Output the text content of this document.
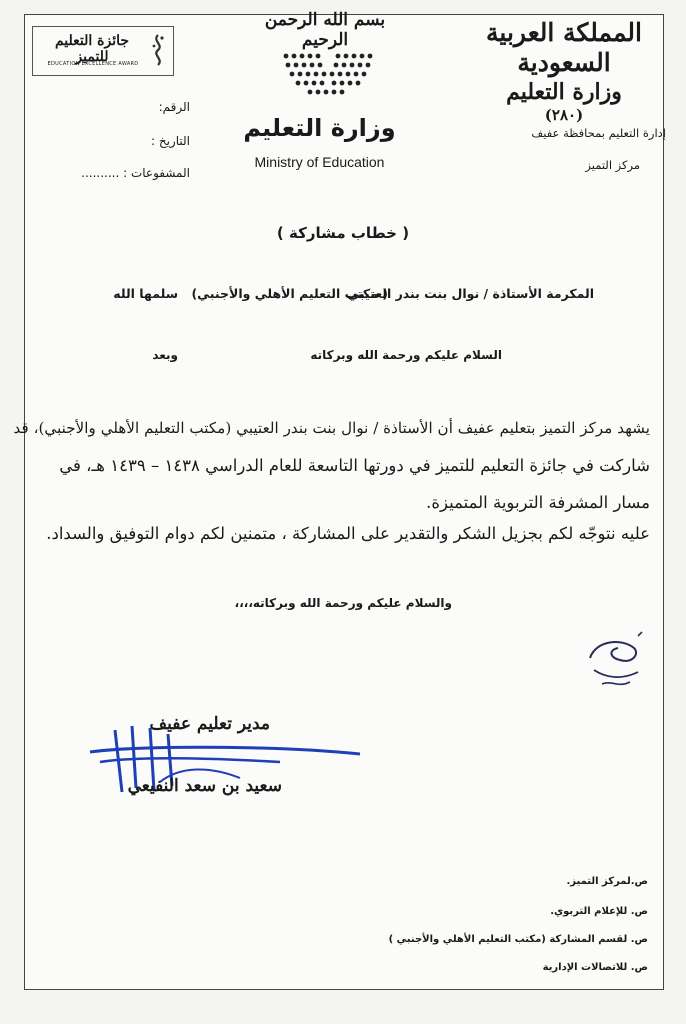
المملكة العربية السعودية
وزارة التعليم
(٢٨٠)
بسم الله الرحمن الرحيم
وزارة التعليم
Ministry of Education
جائزة التعليم للتميز
EDUCATION EXCELLENCE AWARD
الرقم:
التاريخ :
المشفوعات : ..........
إدارة التعليم بمحافظة عفيف
مركز التميز
( خطاب مشاركة )
المكرمة الأستاذة / نوال بنت بندر العتيبي
( مكتب التعليم الأهلي والأجنبي)
سلمها الله
السلام عليكم ورحمة الله وبركاته
وبعد
يشهد مركز التميز بتعليم عفيف أن الأستاذة / نوال بنت بندر العتيبي (مكتب التعليم الأهلي والأجنبي)، قد
شاركت في جائزة التعليم للتميز في دورتها التاسعة للعام الدراسي ١٤٣٨ – ١٤٣٩ هـ، في
مسار المشرفة التربوية المتميزة.
عليه نتوجّه لكم بجزيل الشكر والتقدير على المشاركة ، متمنين لكم دوام التوفيق والسداد.
والسلام عليكم ورحمة الله وبركاته،،،،
مدير تعليم عفيف
سعيد بن سعد النفيعي
ص.لمركز التميز.
ص. للإعلام التربوي.
ص. لقسم المشاركة (مكتب التعليم الأهلي والأجنبي )
ص. للاتصالات الإدارية
